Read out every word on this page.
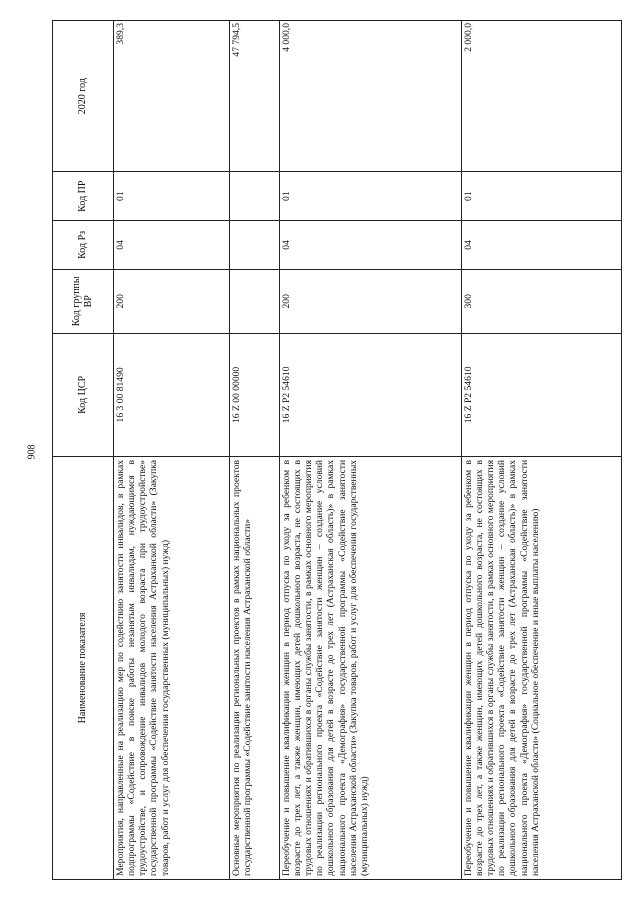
908
Наименование показателя	Код ЦСР	Код группы ВР	Код Рз	Код ПР	2020 год
Мероприятия, направленные на реализацию мер по содействию занятости инвалидов, в рамках подпрограммы «Содействие в поиске работы незанятым инвалидам, нуждающимся в трудоустройстве, и сопровождение инвалидов молодого возраста при трудоустройстве» государственной программы «Содействие занятости населения Астраханской области» (Закупка товаров, работ и услуг для обеспечения государственных (муниципальных) нужд)	16 3 00 81490	200	04	01	389,3
Основные мероприятия по реализации региональных проектов в рамках национальных проектов государственной программы «Содействие занятости населения Астраханской области»	16 Z 00 00000				47 794,5
Переобучение и повышение квалификации женщин в период отпуска по уходу за ребенком в возрасте до трех лет, а также женщин, имеющих детей дошкольного возраста, не состоящих в трудовых отношениях и обратившихся в органы службы занятости, в рамках основного мероприятия по реализации регионального проекта «Содействие занятости женщин – создание условий дошкольного образования для детей в возрасте до трех лет (Астраханская область)» в рамках национального проекта «Демография» государственной программы «Содействие занятости населения Астраханской области» (Закупка товаров, работ и услуг для обеспечения государственных (муниципальных) нужд)	16 Z P2 54610	200	04	01	4 000,0
Переобучение и повышение квалификации женщин в период отпуска по уходу за ребенком в возрасте до трех лет, а также женщин, имеющих детей дошкольного возраста, не состоящих в трудовых отношениях и обратившихся в органы службы занятости, в рамках основного мероприятия по реализации регионального проекта «Содействие занятости женщин – создание условий дошкольного образования для детей в возрасте до трех лет (Астраханская область)» в рамках национального проекта «Демография» государственной программы «Содействие занятости населения Астраханской области» (Социальное обеспечение и иные выплаты населению)	16 Z P2 54610	300	04	01	2 000,0
